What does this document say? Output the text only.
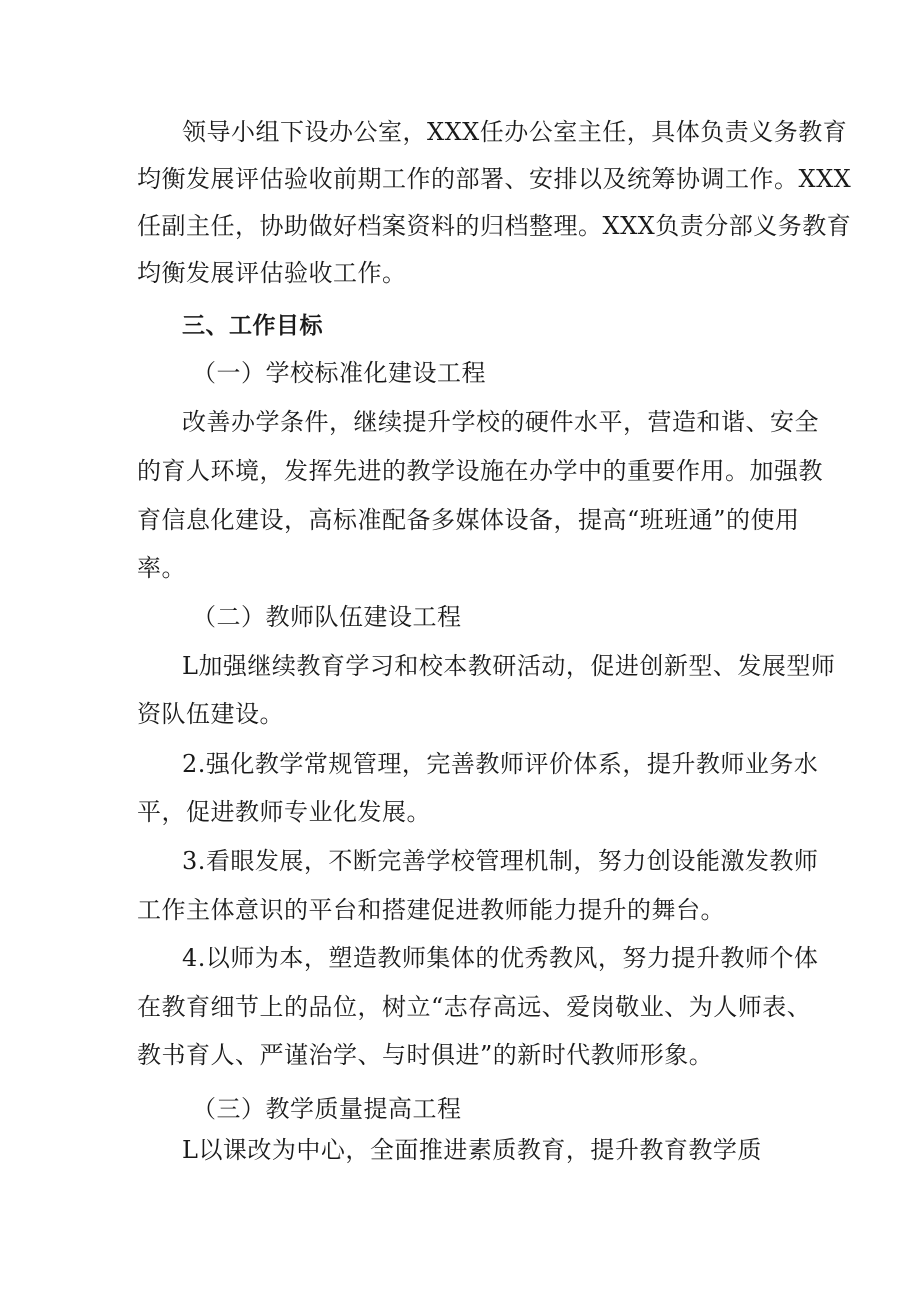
领导小组下设办公室，XXX任办公室主任，具体负责义务教育
均衡发展评估验收前期工作的部署、安排以及统筹协调工作。XXX
任副主任，协助做好档案资料的归档整理。XXX负责分部义务教育
均衡发展评估验收工作。
三、工作目标
（一）学校标准化建设工程
改善办学条件，继续提升学校的硬件水平，营造和谐、安全
的育人环境，发挥先进的教学设施在办学中的重要作用。加强教
育信息化建设，高标准配备多媒体设备，提高“班班通”的使用
率。
（二）教师队伍建设工程
L加强继续教育学习和校本教研活动，促进创新型、发展型师
资队伍建设。
2.强化教学常规管理，完善教师评价体系，提升教师业务水
平，促进教师专业化发展。
3.看眼发展，不断完善学校管理机制，努力创设能激发教师
工作主体意识的平台和搭建促进教师能力提升的舞台。
4.以师为本，塑造教师集体的优秀教风，努力提升教师个体
在教育细节上的品位，树立“志存高远、爱岗敬业、为人师表、
教书育人、严谨治学、与时俱进”的新时代教师形象。
（三）教学质量提高工程
L以课改为中心，全面推进素质教育，提升教育教学质
